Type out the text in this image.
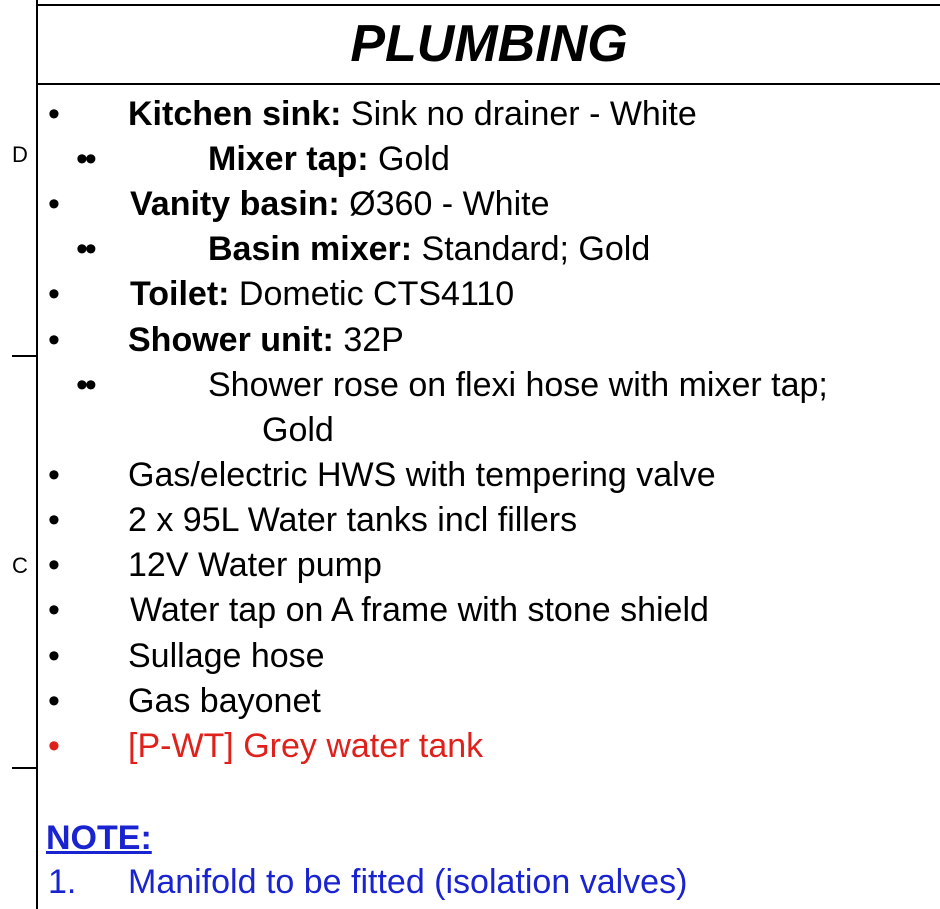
D
C
PLUMBING
• Kitchen sink: Sink no drainer - White
••	Mixer tap: Gold
• Vanity basin: Ø360 - White
••	Basin mixer: Standard; Gold
• Toilet: Dometic CTS4110
• Shower unit: 32P
••	Shower rose on flexi hose with mixer tap;
Gold
• Gas/electric HWS with tempering valve
• 2 x 95L Water tanks incl fillers
• 12V Water pump
• Water tap on A frame with stone shield
• Sullage hose
• Gas bayonet
• [P-WT] Grey water tank
NOTE:
1. Manifold to be fitted (isolation valves)
